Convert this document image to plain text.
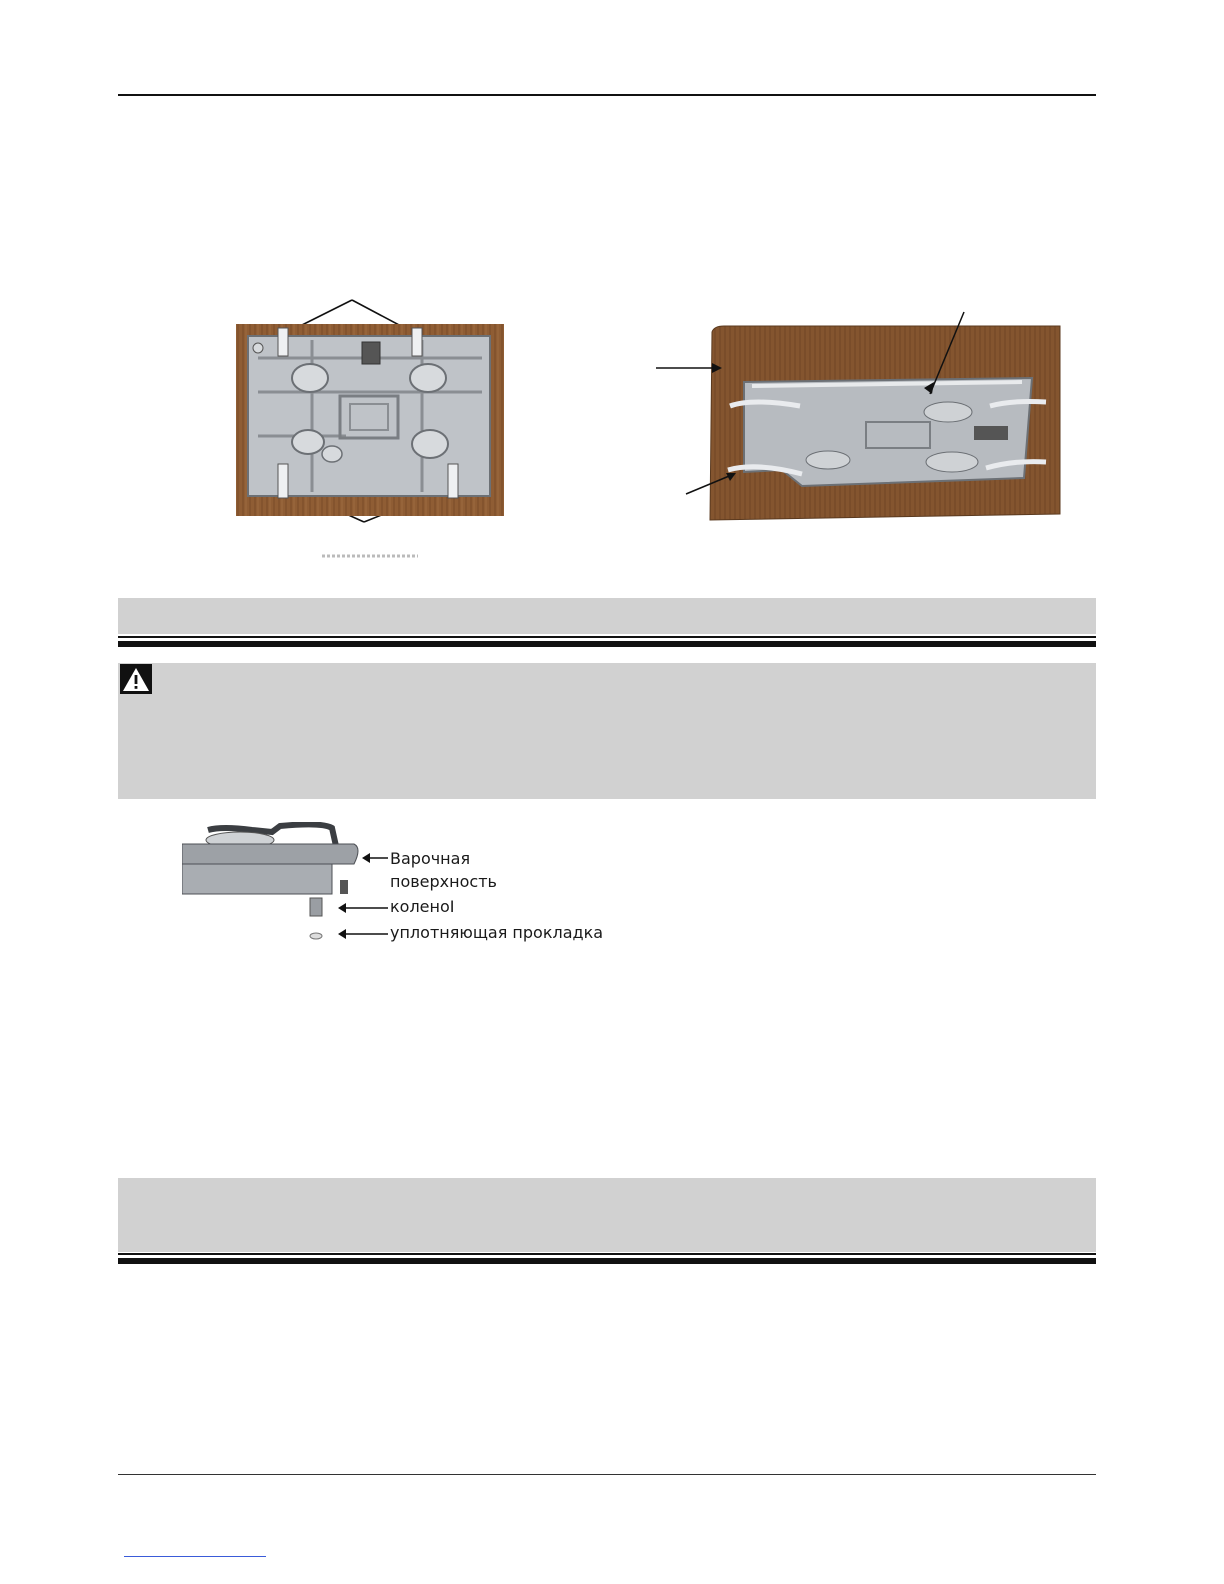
Варочная
поверхность
коленоI
уплотняющая прокладка
